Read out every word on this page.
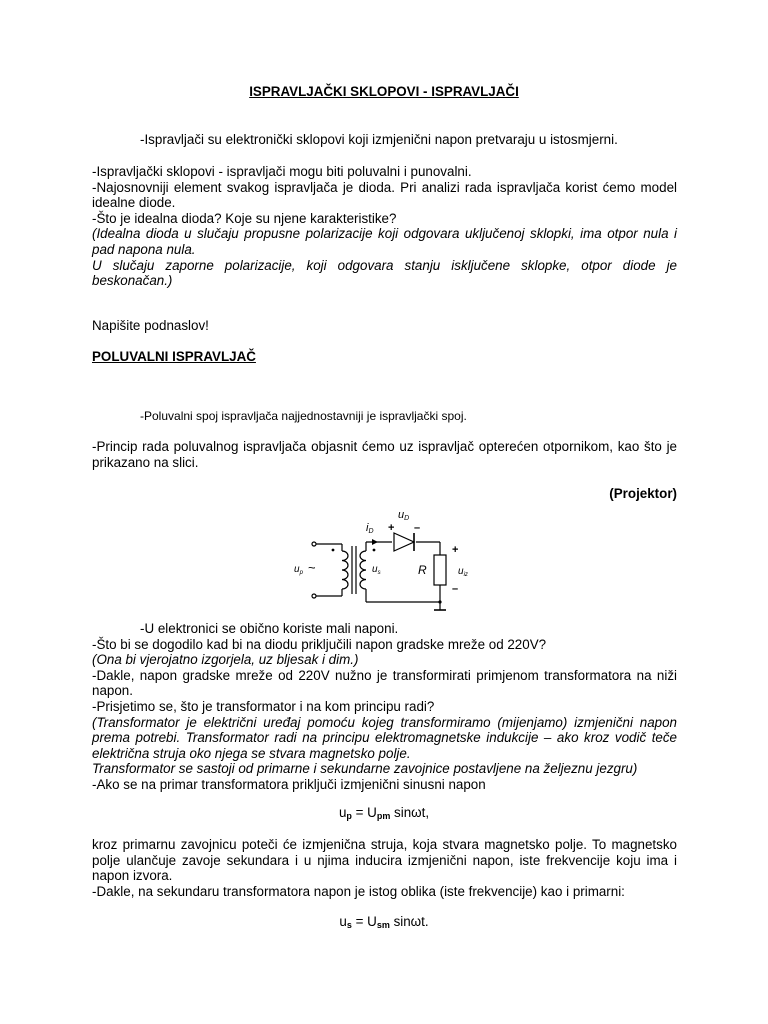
ISPRAVLJAČKI SKLOPOVI - ISPRAVLJAČI
-Ispravljači su elektronički sklopovi koji izmjenični napon pretvaraju u istosmjerni.
-Ispravljački sklopovi - ispravljači mogu biti poluvalni i punovalni.
-Najosnovniji element svakog ispravljača je dioda. Pri analizi rada ispravljača korist ćemo model idealne diode.
-Što je idealna dioda? Koje su njene karakteristike?
(Idealna dioda u slučaju propusne polarizacije koji odgovara uključenoj sklopki, ima otpor nula i pad napona nula.
U slučaju zaporne polarizacije, koji odgovara stanju isključene sklopke, otpor diode je beskonačan.)
Napišite podnaslov!
POLUVALNI ISPRAVLJAČ
-Poluvalni spoj ispravljača najjednostavniji je ispravljački spoj.
-Princip rada poluvalnog ispravljača objasnit ćemo uz ispravljač opterećen otpornikom, kao što je prikazano na slici.
(Projektor)
uD
+ –
iD
+
–
$u_p$ ~	$u_s$	R	$u_{iz}$
-U elektronici se obično koriste mali naponi.
-Što bi se dogodilo kad bi na diodu priključili napon gradske mreže od 220V?
(Ona bi vjerojatno izgorjela, uz bljesak i dim.)
-Dakle, napon gradske mreže od 220V nužno je transformirati primjenom transformatora na niži napon.
-Prisjetimo se, što je transformator i na kom principu radi?
(Transformator je električni uređaj pomoću kojeg transformiramo (mijenjamo) izmjenični napon prema potrebi. Transformator radi na principu elektromagnetske indukcije – ako kroz vodič teče električna struja oko njega se stvara magnetsko polje.
Transformator se sastoji od primarne i sekundarne zavojnice postavljene na željeznu jezgru)
-Ako se na primar transformatora priključi izmjenični sinusni napon
$u_p = U_{pm}$ sinωt,
kroz primarnu zavojnicu poteči će izmjenična struja, koja stvara magnetsko polje. To magnetsko polje ulančuje zavoje sekundara i u njima inducira izmjenični napon, iste frekvencije koju ima i napon izvora.
-Dakle, na sekundaru transformatora napon je istog oblika (iste frekvencije) kao i primarni:
$u_s = U_{sm}$ sinωt.
